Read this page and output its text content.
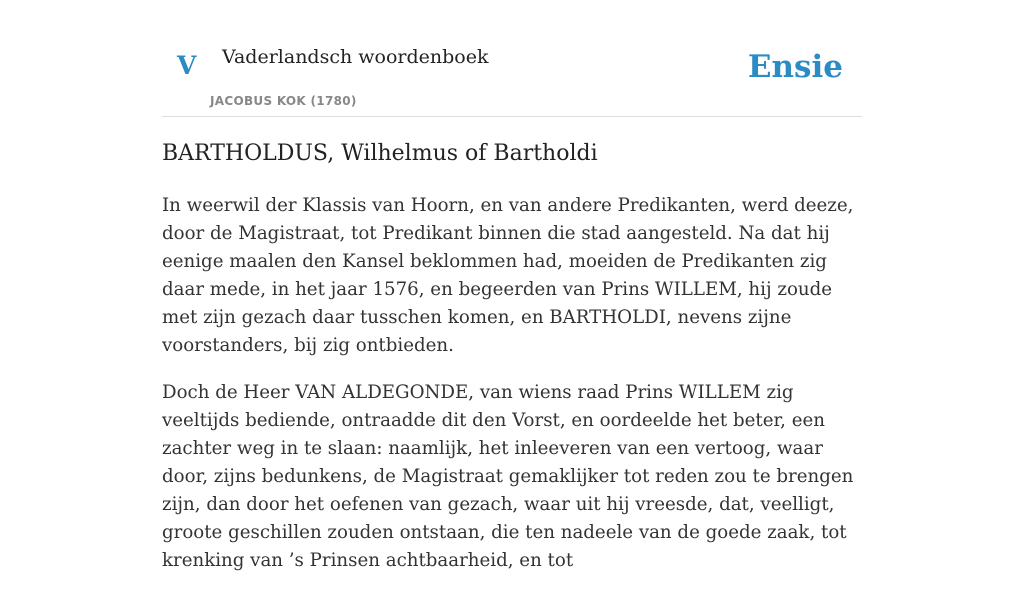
V Vaderlandsch woordenboek
JACOBUS KOK (1780)
Ensie
BARTHOLDUS, Wilhelmus of Bartholdi

In weerwil der Klassis van Hoorn, en van andere Predikanten, werd deeze, door de Magistraat, tot Predikant binnen die stad aangesteld. Na dat hij eenige maalen den Kansel beklommen had, moeiden de Predikanten zig daar mede, in het jaar 1576, en begeerden van Prins WILLEM, hij zoude met zijn gezach daar tusschen komen, en BARTHOLDI, nevens zijne voorstanders, bij zig ontbieden.

Doch de Heer VAN ALDEGONDE, van wiens raad Prins WILLEM zig veeltijds bediende, ontraadde dit den Vorst, en oordeelde het beter, een zachter weg in te slaan: naamlijk, het inleeveren van een vertoog, waar door, zijns bedunkens, de Magistraat gemaklijker tot reden zou te brengen zijn, dan door het oefenen van gezach, waar uit hij vreesde, dat, veelligt, groote geschillen zouden ontstaan, die ten nadeele van de goede zaak, tot krenking van ’s Prinsen achtbaarheid, en tot
